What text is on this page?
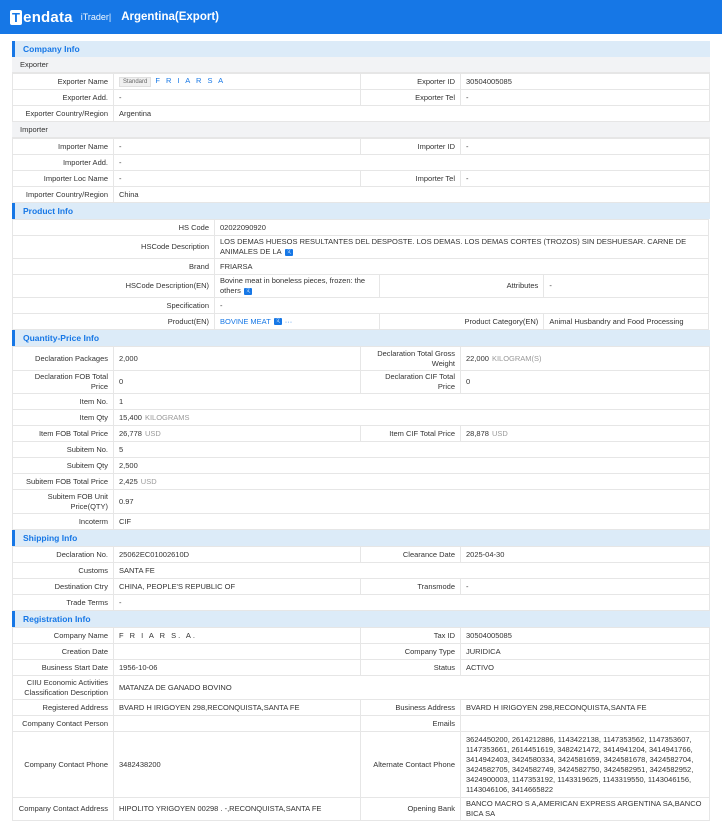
T endata iTrader| Argentina(Export)
Company Info
Exporter
Exporter Name	Standard F R I A R S A	Exporter ID	30504005085
Exporter Add.	-	Exporter Tel	-
Exporter Country/Region	Argentina		
Importer
Importer Name	-	Importer ID	-
Importer Add.	-		
Importer Loc Name	-	Importer Tel	-
Importer Country/Region	China		
Product Info
HS Code	02022090920		
HSCode Description	LOS DEMAS HUESOS RESULTANTES DEL DESPOSTE. LOS DEMAS. LOS DEMAS CORTES (TROZOS) SIN DESHUESAR. CARNE DE ANIMALES DE LA 文		
Brand	FRIARSA		
HSCode Description(EN)	Bovine meat in boneless pieces, frozen: the others 文	Attributes	-
Specification	-		
Product(EN)	BOVINE MEAT 文 ···	Product Category(EN)	Animal Husbandry and Food Processing
Quantity-Price Info
Declaration Packages	2,000	Declaration Total Gross Weight	22,000 KILOGRAM(S)
Declaration FOB Total Price	0	Declaration CIF Total Price	0
Item No.	1		
Item Qty	15,400 KILOGRAMS		
Item FOB Total Price	26,778 USD	Item CIF Total Price	28,878 USD
Subitem No.	5		
Subitem Qty	2,500		
Subitem FOB Total Price	2,425 USD		
Subitem FOB Unit Price(QTY)	0.97		
Incoterm	CIF		
Shipping Info
Declaration No.	25062EC01002610D	Clearance Date	2025-04-30
Customs	SANTA FE		
Destination Ctry	CHINA, PEOPLE'S REPUBLIC OF	Transmode	-
Trade Terms	-		
Registration Info
Company Name	F R I A R S. A.	Tax ID	30504005085
Creation Date		Company Type	JURIDICA
Business Start Date	1956-10-06	Status	ACTIVO
CIIU Economic Activities Classification Description	MATANZA DE GANADO BOVINO		
Registered Address	BVARD H IRIGOYEN 298,RECONQUISTA,SANTA FE	Business Address	BVARD H IRIGOYEN 298,RECONQUISTA,SANTA FE
Company Contact Person		Emails	
Company Contact Phone	3482438200	Alternate Contact Phone	3624450200, 2614212886, 1143422138, 1147353562, 1147353607, 1147353661, 2614451619, 3482421472, 3414941204, 3414941766, 3414942403, 3424580334, 3424581659, 3424581678, 3424582704, 3424582705, 3424582749, 3424582750, 3424582951, 3424582952, 3424900003, 1147353192, 1143319625, 1143319550, 1143046156, 1143046106, 3414665822
Company Contact Address	HIPOLITO YRIGOYEN 00298 . -,RECONQUISTA,SANTA FE	Opening Bank	BANCO MACRO S A,AMERICAN EXPRESS ARGENTINA SA,BANCO BICA SA
